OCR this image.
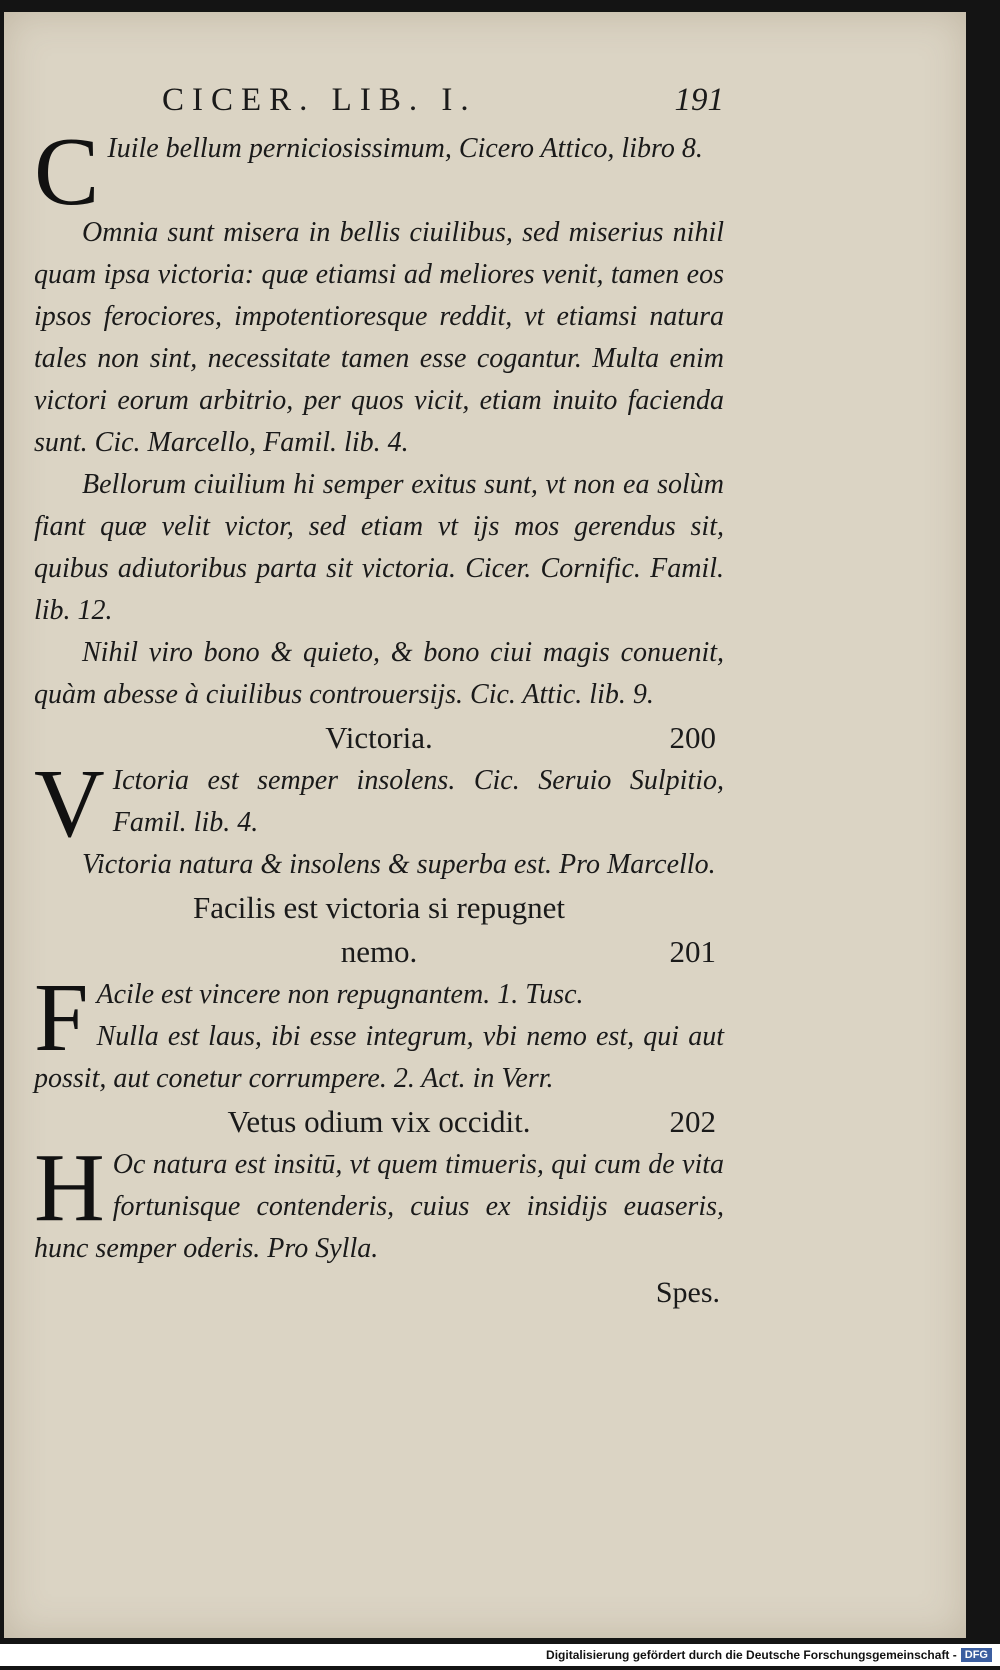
CICER. LIB. I.	191
C Iuile bellum perniciosissimum, Cicero Attico, libro 8.

Omnia sunt misera in bellis ciuilibus, sed miserius nihil quam ipsa victoria: quæ etiamsi ad meliores venit, tamen eos ipsos ferociores, impotentioresque reddit, vt etiamsi natura tales non sint, necessitate tamen esse cogantur. Multa enim victori eorum arbitrio, per quos vicit, etiam inuito facienda sunt. Cic. Marcello, Famil. lib. 4.

Bellorum ciuilium hi semper exitus sunt, vt non ea solùm fiant quæ velit victor, sed etiam vt ijs mos gerendus sit, quibus adiutoribus parta sit victoria. Cicer. Cornific. Famil. lib. 12.

Nihil viro bono & quieto, & bono ciui magis conuenit, quàm abesse à ciuilibus controuersijs. Cic. Attic. lib. 9.

Victoria.	200
V Ictoria est semper insolens. Cic. Seruio Sulpitio, Famil. lib. 4.

Victoria natura & insolens & superba est. Pro Marcello.

Facilis est victoria si repugnet
nemo.	201
F Acile est vincere non repugnantem. 1. Tusc.

Nulla est laus, ibi esse integrum, vbi nemo est, qui aut possit, aut conetur corrumpere. 2. Act. in Verr.

Vetus odium vix occidit.	202
H Oc natura est insitū, vt quem timueris, qui cum de vita fortunisque contenderis, cuius ex insidijs euaseris, hunc semper oderis. Pro Sylla.

Spes.
Digitalisierung gefördert durch die Deutsche Forschungsgemeinschaft - DFG
